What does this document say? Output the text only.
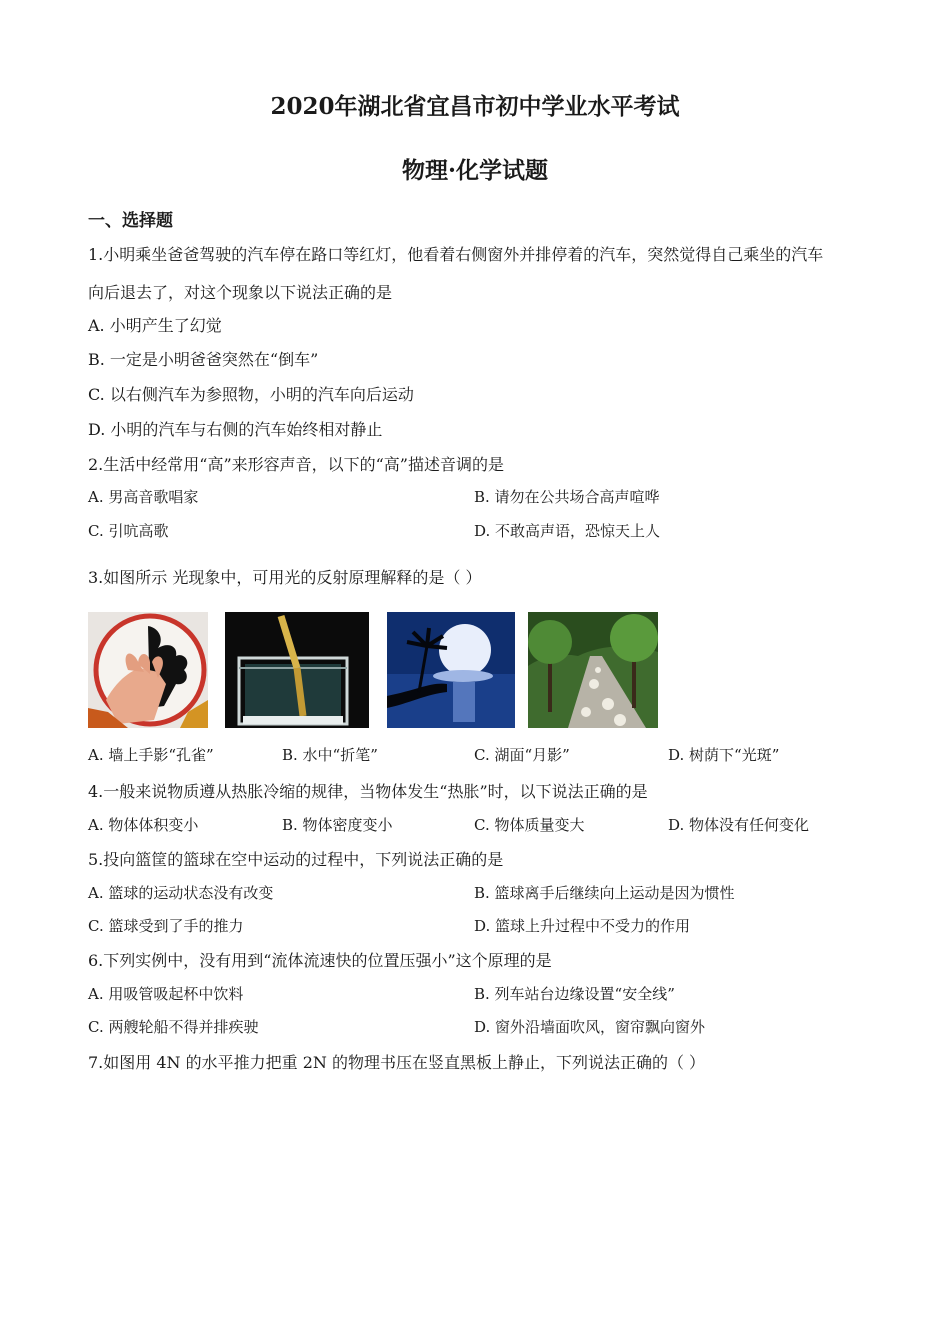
2020年湖北省宜昌市初中学业水平考试
物理·化学试题
一、选择题
1.小明乘坐爸爸驾驶的汽车停在路口等红灯，他看着右侧窗外并排停着的汽车，突然觉得自己乘坐的汽车
向后退去了，对这个现象以下说法正确的是
A. 小明产生了幻觉
B. 一定是小明爸爸突然在“倒车”
C. 以右侧汽车为参照物，小明的汽车向后运动
D. 小明的汽车与右侧的汽车始终相对静止
2.生活中经常用“高”来形容声音，以下的“高”描述音调的是
A. 男高音歌唱家	B. 请勿在公共场合高声喧哗
C. 引吭高歌	D. 不敢高声语，恐惊天上人
3.如图所示 光现象中，可用光的反射原理解释的是（ ）
A. 墙上手影“孔雀”	B. 水中“折笔”	C. 湖面“月影”	D. 树荫下“光斑”
4.一般来说物质遵从热胀冷缩的规律，当物体发生“热胀”时，以下说法正确的是
A. 物体体积变小	B. 物体密度变小	C. 物体质量变大	D. 物体没有任何变化
5.投向篮筐的篮球在空中运动的过程中，下列说法正确的是
A. 篮球的运动状态没有改变	B. 篮球离手后继续向上运动是因为惯性
C. 篮球受到了手的推力	D. 篮球上升过程中不受力的作用
6.下列实例中，没有用到“流体流速快的位置压强小”这个原理的是
A. 用吸管吸起杯中饮料	B. 列车站台边缘设置“安全线”
C. 两艘轮船不得并排疾驶	D. 窗外沿墙面吹风，窗帘飘向窗外
7.如图用 4N 的水平推力把重 2N 的物理书压在竖直黑板上静止，下列说法正确的（ ）
